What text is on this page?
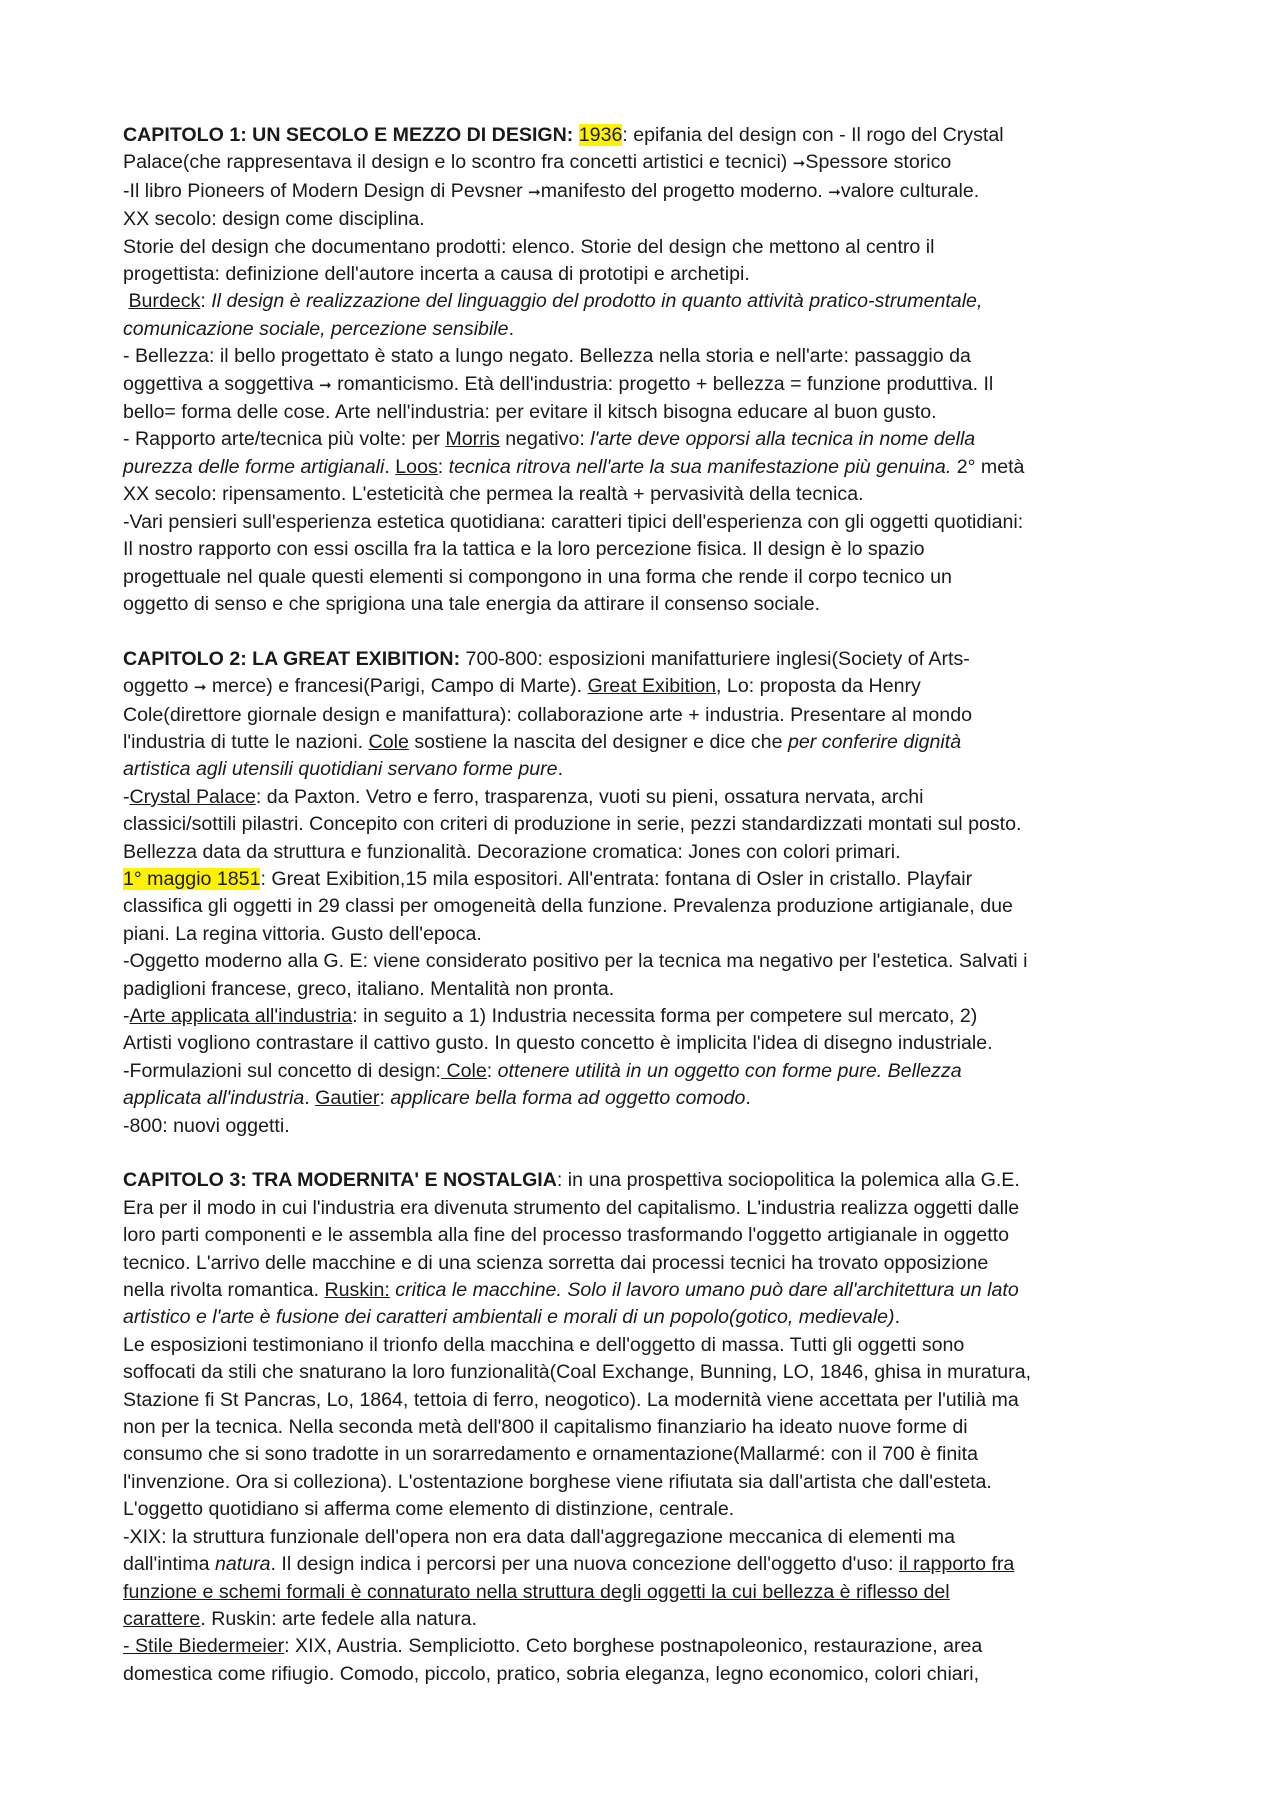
CAPITOLO 1: UN SECOLO E MEZZO DI DESIGN: 1936: epifania del design con - Il rogo del Crystal
Palace(che rappresentava il design e lo scontro fra concetti artistici e tecnici) ➞Spessore storico
-Il libro Pioneers of Modern Design di Pevsner ➞manifesto del progetto moderno. ➞valore culturale.
XX secolo: design come disciplina.
Storie del design che documentano prodotti: elenco. Storie del design che mettono al centro il
progettista: definizione dell'autore incerta a causa di prototipi e archetipi.
Burdeck: Il design è realizzazione del linguaggio del prodotto in quanto attività pratico-strumentale,
comunicazione sociale, percezione sensibile.
- Bellezza: il bello progettato è stato a lungo negato. Bellezza nella storia e nell'arte: passaggio da
oggettiva a soggettiva ➞ romanticismo. Età dell'industria: progetto + bellezza = funzione produttiva. Il
bello= forma delle cose. Arte nell'industria: per evitare il kitsch bisogna educare al buon gusto.
- Rapporto arte/tecnica più volte: per Morris negativo: l'arte deve opporsi alla tecnica in nome della
purezza delle forme artigianali. Loos: tecnica ritrova nell'arte la sua manifestazione più genuina. 2° metà
XX secolo: ripensamento. L'esteticità che permea la realtà + pervasività della tecnica.
-Vari pensieri sull'esperienza estetica quotidiana: caratteri tipici dell'esperienza con gli oggetti quotidiani:
Il nostro rapporto con essi oscilla fra la tattica e la loro percezione fisica. Il design è lo spazio
progettuale nel quale questi elementi si compongono in una forma che rende il corpo tecnico un
oggetto di senso e che sprigiona una tale energia da attirare il consenso sociale.
CAPITOLO 2: LA GREAT EXIBITION: 700-800: esposizioni manifatturiere inglesi(Society of Arts-
oggetto ➞ merce) e francesi(Parigi, Campo di Marte). Great Exibition, Lo: proposta da Henry
Cole(direttore giornale design e manifattura): collaborazione arte + industria. Presentare al mondo
l'industria di tutte le nazioni. Cole sostiene la nascita del designer e dice che per conferire dignità
artistica agli utensili quotidiani servano forme pure.
-Crystal Palace: da Paxton. Vetro e ferro, trasparenza, vuoti su pieni, ossatura nervata, archi
classici/sottili pilastri. Concepito con criteri di produzione in serie, pezzi standardizzati montati sul posto.
Bellezza data da struttura e funzionalità. Decorazione cromatica: Jones con colori primari.
1° maggio 1851: Great Exibition,15 mila espositori. All'entrata: fontana di Osler in cristallo. Playfair
classifica gli oggetti in 29 classi per omogeneità della funzione. Prevalenza produzione artigianale, due
piani. La regina vittoria. Gusto dell'epoca.
-Oggetto moderno alla G. E: viene considerato positivo per la tecnica ma negativo per l'estetica. Salvati i
padiglioni francese, greco, italiano. Mentalità non pronta.
-Arte applicata all'industria: in seguito a 1) Industria necessita forma per competere sul mercato, 2)
Artisti vogliono contrastare il cattivo gusto. In questo concetto è implicita l'idea di disegno industriale.
-Formulazioni sul concetto di design: Cole: ottenere utilità in un oggetto con forme pure. Bellezza
applicata all'industria. Gautier: applicare bella forma ad oggetto comodo.
-800: nuovi oggetti.
CAPITOLO 3: TRA MODERNITA' E NOSTALGIA: in una prospettiva sociopolitica la polemica alla G.E.
Era per il modo in cui l'industria era divenuta strumento del capitalismo. L'industria realizza oggetti dalle
loro parti componenti e le assembla alla fine del processo trasformando l'oggetto artigianale in oggetto
tecnico. L'arrivo delle macchine e di una scienza sorretta dai processi tecnici ha trovato opposizione
nella rivolta romantica. Ruskin: critica le macchine. Solo il lavoro umano può dare all'architettura un lato
artistico e l'arte è fusione dei caratteri ambientali e morali di un popolo(gotico, medievale).
Le esposizioni testimoniano il trionfo della macchina e dell'oggetto di massa. Tutti gli oggetti sono
soffocati da stili che snaturano la loro funzionalità(Coal Exchange, Bunning, LO, 1846, ghisa in muratura,
Stazione fi St Pancras, Lo, 1864, tettoia di ferro, neogotico). La modernità viene accettata per l'utilià ma
non per la tecnica. Nella seconda metà dell'800 il capitalismo finanziario ha ideato nuove forme di
consumo che si sono tradotte in un sorarredamento e ornamentazione(Mallarmé: con il 700 è finita
l'invenzione. Ora si colleziona). L'ostentazione borghese viene rifiutata sia dall'artista che dall'esteta.
L'oggetto quotidiano si afferma come elemento di distinzione, centrale.
-XIX: la struttura funzionale dell'opera non era data dall'aggregazione meccanica di elementi ma
dall'intima natura. Il design indica i percorsi per una nuova concezione dell'oggetto d'uso: il rapporto fra
funzione e schemi formali è connaturato nella struttura degli oggetti la cui bellezza è riflesso del
carattere. Ruskin: arte fedele alla natura.
- Stile Biedermeier: XIX, Austria. Sempliciotto. Ceto borghese postnapoleonico, restaurazione, area
domestica come rifiugio. Comodo, piccolo, pratico, sobria eleganza, legno economico, colori chiari,
